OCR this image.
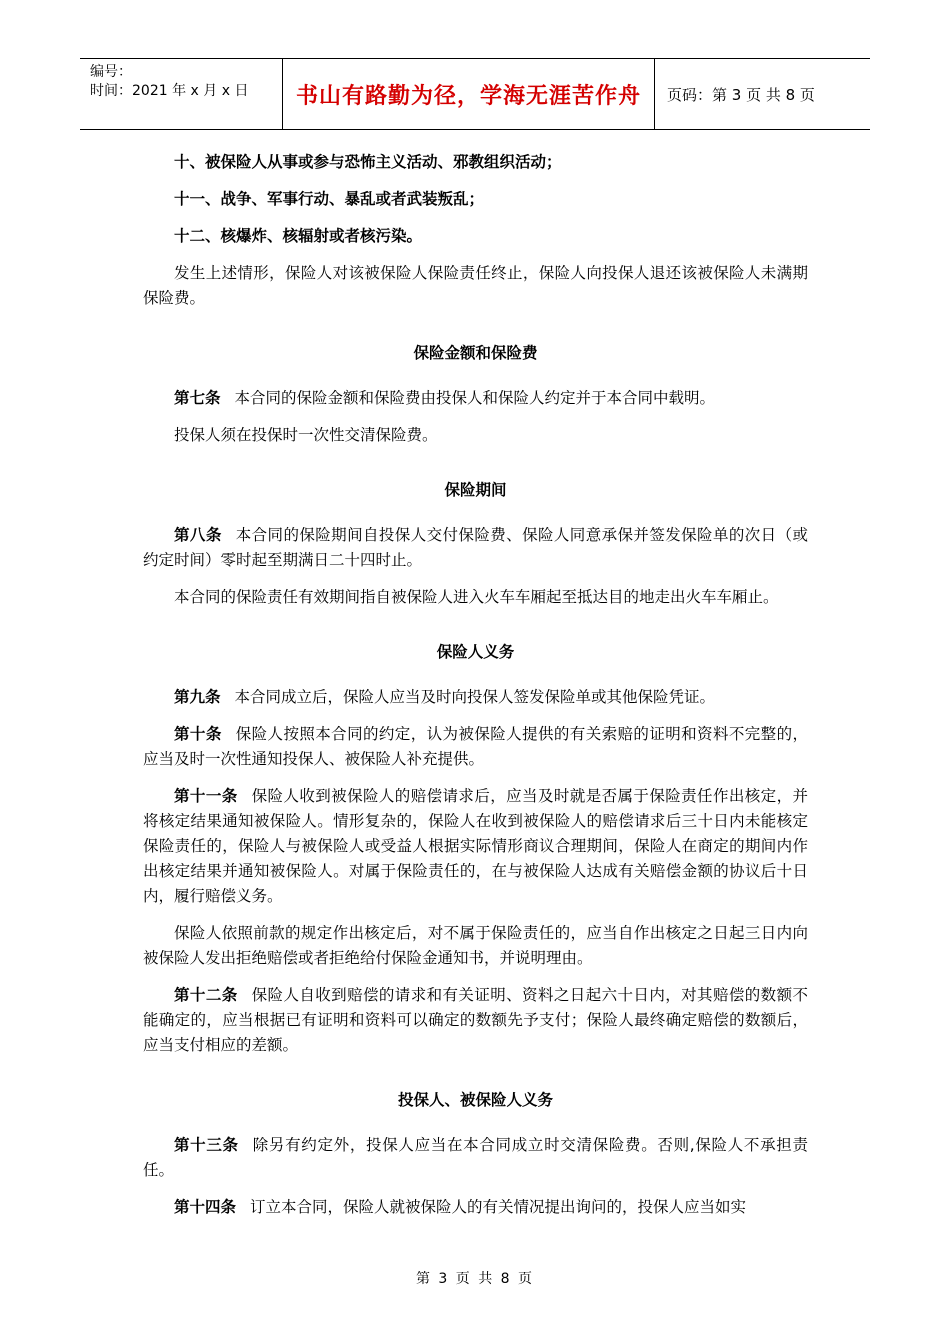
编号：
时间：2021 年 x 月 x 日	书山有路勤为径，学海无涯苦作舟	页码：第 3 页 共 8 页

十、被保险人从事或参与恐怖主义活动、邪教组织活动；

十一、战争、军事行动、暴乱或者武装叛乱；

十二、核爆炸、核辐射或者核污染。

发生上述情形，保险人对该被保险人保险责任终止，保险人向投保人退还该被保险人未满期保险费。

保险金额和保险费

第七条 本合同的保险金额和保险费由投保人和保险人约定并于本合同中载明。

投保人须在投保时一次性交清保险费。

保险期间

第八条 本合同的保险期间自投保人交付保险费、保险人同意承保并签发保险单的次日（或约定时间）零时起至期满日二十四时止。

本合同的保险责任有效期间指自被保险人进入火车车厢起至抵达目的地走出火车车厢止。

保险人义务

第九条 本合同成立后，保险人应当及时向投保人签发保险单或其他保险凭证。

第十条 保险人按照本合同的约定，认为被保险人提供的有关索赔的证明和资料不完整的，应当及时一次性通知投保人、被保险人补充提供。

第十一条 保险人收到被保险人的赔偿请求后，应当及时就是否属于保险责任作出核定，并将核定结果通知被保险人。情形复杂的，保险人在收到被保险人的赔偿请求后三十日内未能核定保险责任的，保险人与被保险人或受益人根据实际情形商议合理期间，保险人在商定的期间内作出核定结果并通知被保险人。对属于保险责任的，在与被保险人达成有关赔偿金额的协议后十日内，履行赔偿义务。

保险人依照前款的规定作出核定后，对不属于保险责任的，应当自作出核定之日起三日内向被保险人发出拒绝赔偿或者拒绝给付保险金通知书，并说明理由。

第十二条 保险人自收到赔偿的请求和有关证明、资料之日起六十日内，对其赔偿的数额不能确定的，应当根据已有证明和资料可以确定的数额先予支付；保险人最终确定赔偿的数额后，应当支付相应的差额。

投保人、被保险人义务

第十三条 除另有约定外，投保人应当在本合同成立时交清保险费。否则,保险人不承担责任。

第十四条 订立本合同，保险人就被保险人的有关情况提出询问的，投保人应当如实

第 3 页 共 8 页
